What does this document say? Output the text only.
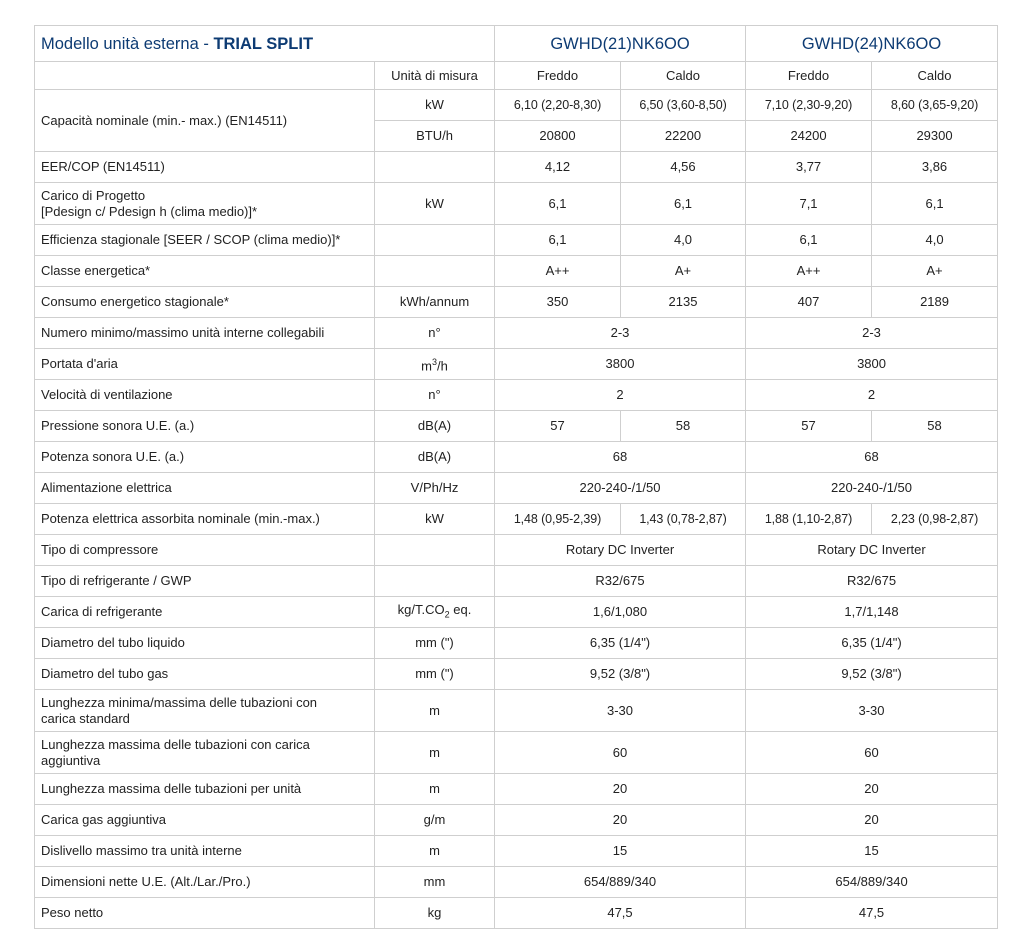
Modello unità esterna - TRIAL SPLIT		GWHD(21)NK6OO		GWHD(24)NK6OO	
	Unità di misura	Freddo	Caldo	Freddo	Caldo
Capacità nominale (min.- max.) (EN14511)	kW	6,10 (2,20-8,30)	6,50 (3,60-8,50)	7,10 (2,30-9,20)	8,60 (3,65-9,20)
	BTU/h	20800	22200	24200	29300
EER/COP (EN14511)		4,12	4,56	3,77	3,86

Carico di Progetto
[Pdesign c/ Pdesign h (clima medio)]*	kW	6,1	6,1	7,1	6,1
Efficienza stagionale [SEER / SCOP (clima medio)]*		6,1	4,0	6,1	4,0
Classe energetica*		A++	A+	A++	A+
Consumo energetico stagionale*	kWh/annum	350	2135	407	2189
Numero minimo/massimo unità interne collegabili	n°	2-3		2-3	
Portata d'aria	$m^3/h$	3800		3800	
Velocità di ventilazione	n°	2		2	
Pressione sonora U.E. (a.)	dB(A)	57	58	57	58
Potenza sonora U.E. (a.)	dB(A)	68		68	
Alimentazione elettrica	V/Ph/Hz	220-240-/1/50		220-240-/1/50	
Potenza elettrica assorbita nominale (min.-max.)	kW	1,48 (0,95-2,39)	1,43 (0,78-2,87)	1,88 (1,10-2,87)	2,23 (0,98-2,87)
Tipo di compressore		Rotary DC Inverter		Rotary DC Inverter	
Tipo di refrigerante / GWP		R32/675		R32/675	
Carica di refrigerante	$kg/T.CO_2$ eq.	1,6/1,080		1,7/1,148	
Diametro del tubo liquido	mm (")	6,35 (1/4")		6,35 (1/4")	
Diametro del tubo gas	mm (")	9,52 (3/8")		9,52 (3/8")	

Lunghezza minima/massima delle tubazioni con
carica standard	m	3-30		3-30	

Lunghezza massima delle tubazioni con carica
aggiuntiva	m	60		60	
Lunghezza massima delle tubazioni per unità	m	20		20	
Carica gas aggiuntiva	g/m	20		20	
Dislivello massimo tra unità interne	m	15		15	
Dimensioni nette U.E. (Alt./Lar./Pro.)	mm	654/889/340		654/889/340	
Peso netto	kg	47,5		47,5	
